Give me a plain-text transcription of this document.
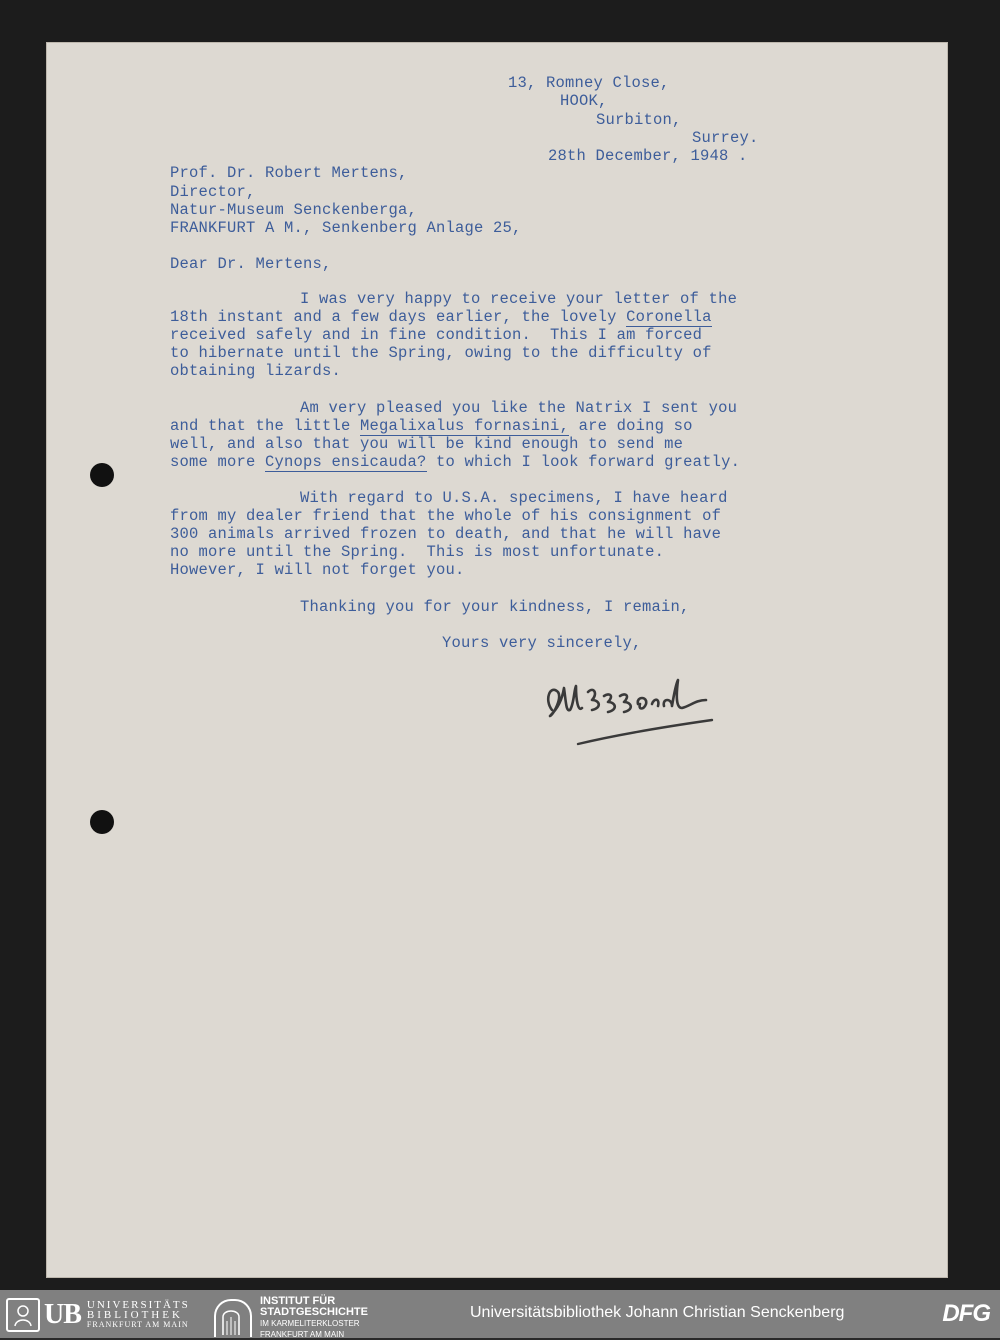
13, Romney Close,
HOOK,
Surbiton,
Surrey.
28th December, 1948 .
Prof. Dr. Robert Mertens,
Director,
Natur-Museum Senckenberga,
FRANKFURT A M., Senkenberg Anlage 25,
Dear Dr. Mertens,
I was very happy to receive your letter of the
18th instant and a few days earlier, the lovely Coronella
received safely and in fine condition.  This I am forced
to hibernate until the Spring, owing to the difficulty of
obtaining lizards.
Am very pleased you like the Natrix I sent you
and that the little Megalixalus fornasini, are doing so
well, and also that you will be kind enough to send me
some more Cynops ensicauda? to which I look forward greatly.
With regard to U.S.A. specimens, I have heard
from my dealer friend that the whole of his consignment of
300 animals arrived frozen to death, and that he will have
no more until the Spring.  This is most unfortunate.
However, I will not forget you.
Thanking you for your kindness, I remain,
Yours very sincerely,
UB UNIVERSITÄTS
BIBLIOTHEK
FRANKFURT AM MAIN
INSTITUT FÜR
STADTGESCHICHTE
IM KARMELITERKLOSTER
FRANKFURT AM MAIN
Universitätsbibliothek Johann Christian Senckenberg	DFG
